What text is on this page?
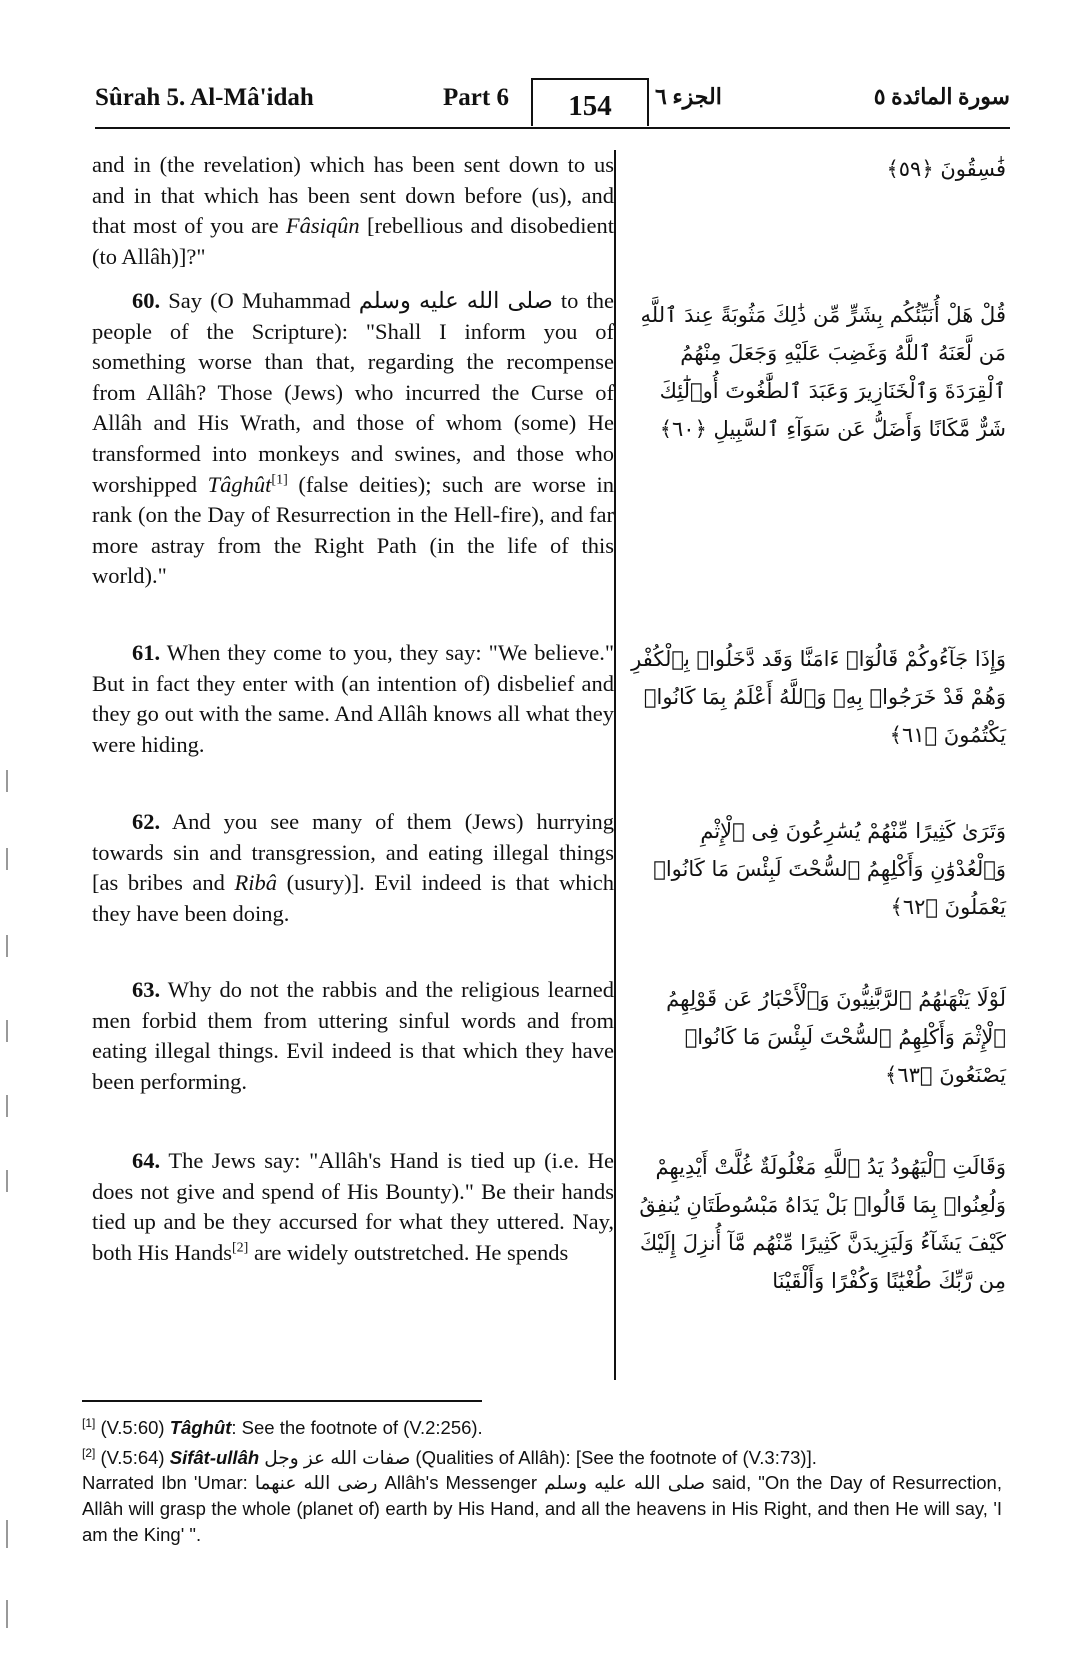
Sûrah 5. Al-Mâ'idah	Part 6	154	الجزء ٦	سورة المائدة ٥

and in (the revelation) which has been sent down to us and in that which has been sent down before (us), and that most of you are Fâsiqûn [rebellious and disobedient (to Allâh)]?"

60. Say (O Muhammad صلى الله عليه وسلم to the people of the Scripture): "Shall I inform you of something worse than that, regarding the recompense from Allâh? Those (Jews) who incurred the Curse of Allâh and His Wrath, and those of whom (some) He transformed into monkeys and swines, and those who worshipped Tâghût[1] (false deities); such are worse in rank (on the Day of Resurrection in the Hell-fire), and far more astray from the Right Path (in the life of this world)."

61. When they come to you, they say: "We believe." But in fact they enter with (an intention of) disbelief and they go out with the same. And Allâh knows all what they were hiding.

62. And you see many of them (Jews) hurrying towards sin and transgression, and eating illegal things [as bribes and Ribâ (usury)]. Evil indeed is that which they have been doing.

63. Why do not the rabbis and the religious learned men forbid them from uttering sinful words and from eating illegal things. Evil indeed is that which they have been performing.

64. The Jews say: "Allâh's Hand is tied up (i.e. He does not give and spend of His Bounty)." Be their hands tied up and be they accursed for what they uttered. Nay, both His Hands[2] are widely outstretched. He spends

فَٰسِقُونَ ﴿٥٩﴾
قُلْ هَلْ أُنَبِّئُكُم بِشَرٍّ مِّن ذَٰلِكَ مَثُوبَةً عِندَ ٱللَّهِ مَن لَّعَنَهُ ٱللَّهُ وَغَضِبَ عَلَيْهِ وَجَعَلَ مِنْهُمُ ٱلْقِرَدَةَ وَٱلْخَنَازِيرَ وَعَبَدَ ٱلطَّٰغُوتَ أُو۟لَٰٓئِكَ شَرٌّ مَّكَانًا وَأَضَلُّ عَن سَوَآءِ ٱلسَّبِيلِ ﴿٦٠﴾
وَإِذَا جَآءُوكُمْ قَالُوٓا۟ ءَامَنَّا وَقَد دَّخَلُوا۟ بِٱلْكُفْرِ وَهُمْ قَدْ خَرَجُوا۟ بِهِۦ وَٱللَّهُ أَعْلَمُ بِمَا كَانُوا۟ يَكْتُمُونَ ﴿٦١﴾
وَتَرَىٰ كَثِيرًا مِّنْهُمْ يُسَٰرِعُونَ فِى ٱلْإِثْمِ وَٱلْعُدْوَٰنِ وَأَكْلِهِمُ ٱلسُّحْتَ لَبِئْسَ مَا كَانُوا۟ يَعْمَلُونَ ﴿٦٢﴾
لَوْلَا يَنْهَىٰهُمُ ٱلرَّبَّٰنِيُّونَ وَٱلْأَحْبَارُ عَن قَوْلِهِمُ ٱلْإِثْمَ وَأَكْلِهِمُ ٱلسُّحْتَ لَبِئْسَ مَا كَانُوا۟ يَصْنَعُونَ ﴿٦٣﴾
وَقَالَتِ ٱلْيَهُودُ يَدُ ٱللَّهِ مَغْلُولَةٌ غُلَّتْ أَيْدِيهِمْ وَلُعِنُوا۟ بِمَا قَالُوا۟ بَلْ يَدَاهُ مَبْسُوطَتَانِ يُنفِقُ كَيْفَ يَشَآءُ وَلَيَزِيدَنَّ كَثِيرًا مِّنْهُم مَّآ أُنزِلَ إِلَيْكَ مِن رَّبِّكَ طُغْيَٰنًا وَكُفْرًا وَأَلْقَيْنَا
[1] (V.5:60) Tâghût: See the footnote of (V.2:256).
[2] (V.5:64) Sifât-ullâh صفات الله عز وجل (Qualities of Allâh): [See the footnote of (V.3:73)].
Narrated Ibn 'Umar: رضى الله عنهما Allâh's Messenger صلى الله عليه وسلم said, "On the Day of Resurrection, Allâh will grasp the whole (planet of) earth by His Hand, and all the heavens in His Right, and then He will say, 'I am the King' ".
